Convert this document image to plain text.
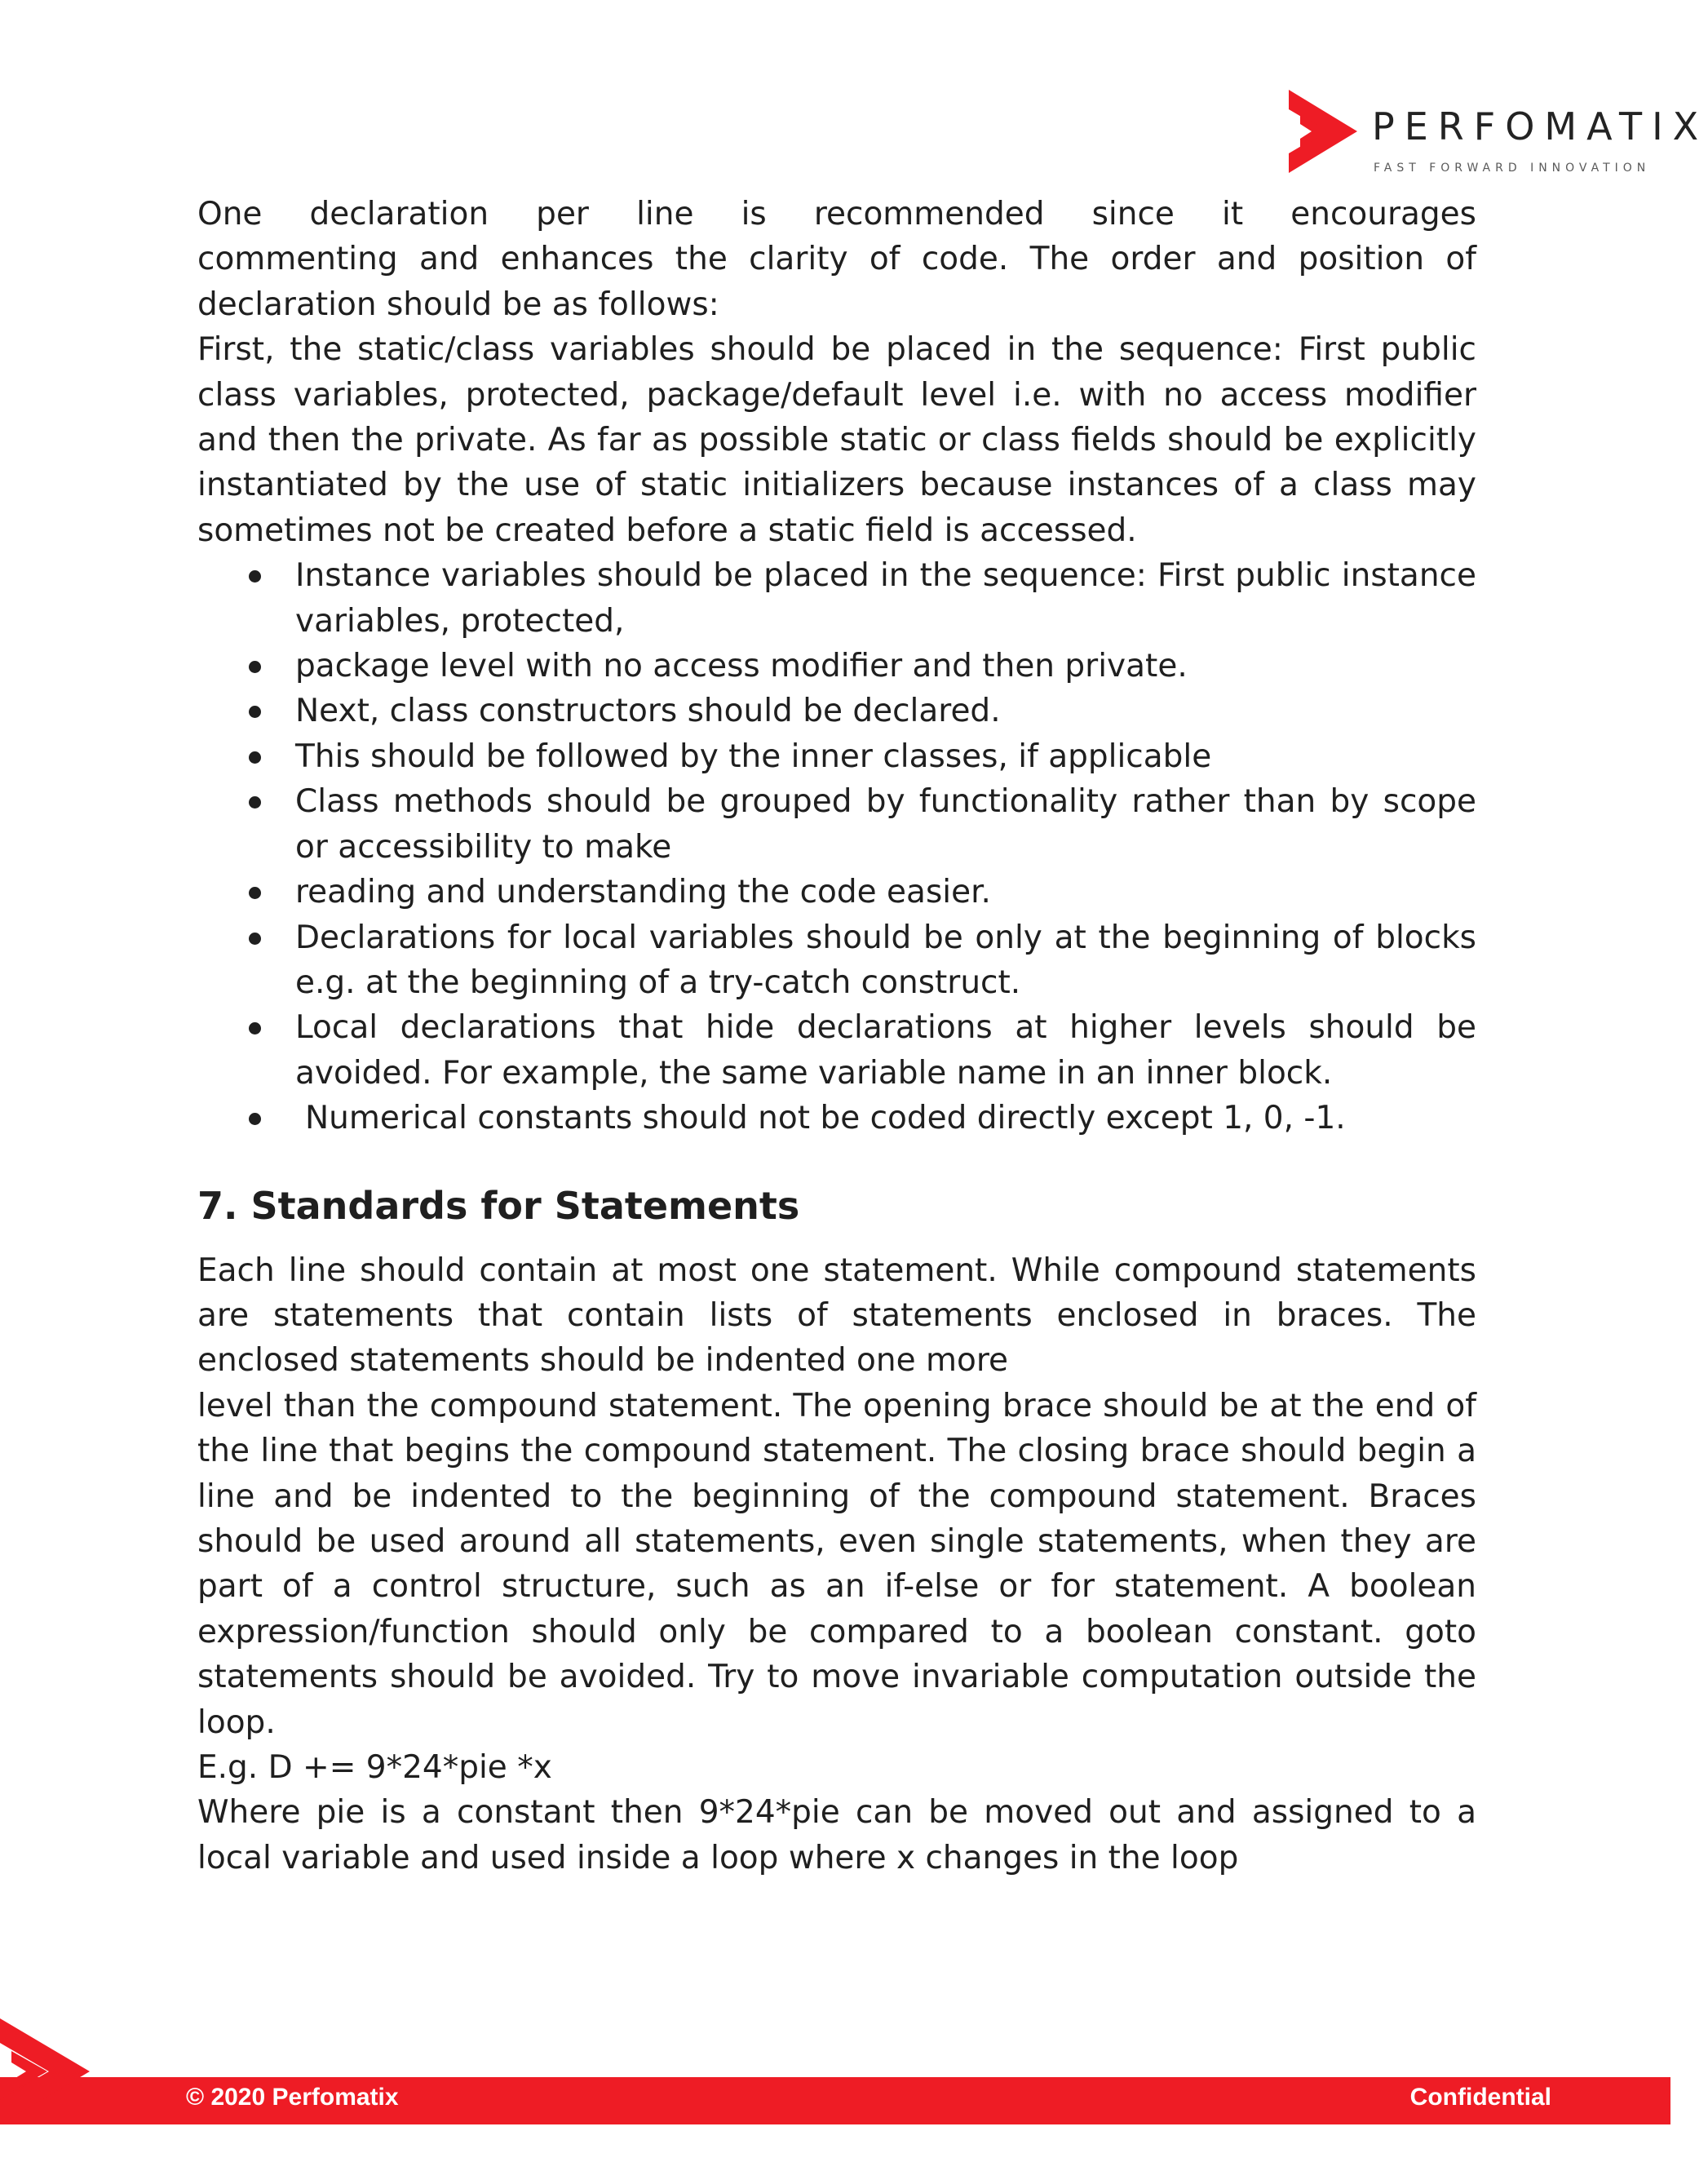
PERFOMATIX
FAST FORWARD INNOVATION

One declaration per line is recommended since it encourages

commenting and enhances the clarity of code. The order and position of declaration should be as follows:

First, the static/class variables should be placed in the sequence: First public class variables, protected, package/default level i.e. with no access modifier and then the private. As far as possible static or class fields should be explicitly instantiated by the use of static initializers because instances of a class may sometimes not be created before a static field is accessed.

Instance variables should be placed in the sequence: First public instance variables, protected,
package level with no access modifier and then private.
Next, class constructors should be declared.
This should be followed by the inner classes, if applicable
Class methods should be grouped by functionality rather than by scope or accessibility to make
reading and understanding the code easier.
Declarations for local variables should be only at the beginning of blocks e.g. at the beginning of a try-catch construct.
Local declarations that hide declarations at higher levels should be avoided. For example, the same variable name in an inner block.
Numerical constants should not be coded directly except 1, 0, -1.
7. Standards for Statements

Each line should contain at most one statement. While compound statements are statements that contain lists of statements enclosed in braces. The enclosed statements should be indented one more

level than the compound statement. The opening brace should be at the end of the line that begins the compound statement. The closing brace should begin a line and be indented to the beginning of the compound statement. Braces should be used around all statements, even single statements, when they are part of a control structure, such as an if-else or for statement. A boolean expression/function should only be compared to a boolean constant. goto statements should be avoided. Try to move invariable computation outside the loop.

E.g. D += 9*24*pie *x

Where pie is a constant then 9*24*pie can be moved out and assigned to a local variable and used inside a loop where x changes in the loop

© 2020 Perfomatix	Confidential
